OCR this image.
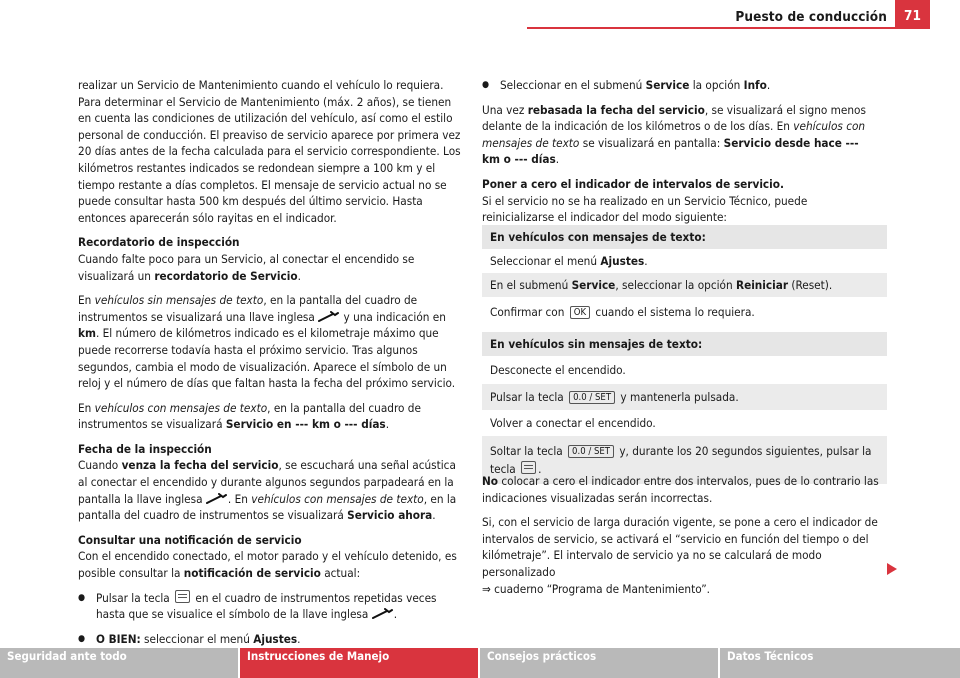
Puesto de conducción	71

realizar un Servicio de Mantenimiento cuando el vehículo lo requiera. Para determinar el Servicio de Mantenimiento (máx. 2 años), se tienen en cuenta las condiciones de utilización del vehículo, así como el estilo personal de conducción. El preaviso de servicio aparece por primera vez 20 días antes de la fecha calculada para el servicio correspondiente. Los kilómetros restantes indicados se redondean siempre a 100 km y el tiempo restante a días completos. El mensaje de servicio actual no se puede consultar hasta 500 km después del último servicio. Hasta entonces aparecerán sólo rayitas en el indicador.

Recordatorio de inspección

Cuando falte poco para un Servicio, al conectar el encendido se visualizará un recordatorio de Servicio.

En vehículos sin mensajes de texto, en la pantalla del cuadro de instrumentos se visualizará una llave inglesa  y una indicación en km. El número de kilómetros indicado es el kilometraje máximo que puede recorrerse todavía hasta el próximo servicio. Tras algunos segundos, cambia el modo de visualización. Aparece el símbolo de un reloj y el número de días que faltan hasta la fecha del próximo servicio.

En vehículos con mensajes de texto, en la pantalla del cuadro de instrumentos se visualizará Servicio en --- km o --- días.

Fecha de la inspección

Cuando venza la fecha del servicio, se escuchará una señal acústica al conectar el encendido y durante algunos segundos parpadeará en la pantalla la llave inglesa . En vehículos con mensajes de texto, en la pantalla del cuadro de instrumentos se visualizará Servicio ahora.

Consultar una notificación de servicio

Con el encendido conectado, el motor parado y el vehículo detenido, es posible consultar la notificación de servicio actual:

● Pulsar la tecla  en el cuadro de instrumentos repetidas veces hasta que se visualice el símbolo de la llave inglesa .

● O BIEN: seleccionar el menú Ajustes.

● Seleccionar en el submenú Service la opción Info.

Una vez rebasada la fecha del servicio, se visualizará el signo menos delante de la indicación de los kilómetros o de los días. En vehículos con mensajes de texto se visualizará en pantalla: Servicio desde hace --- km o --- días.

Poner a cero el indicador de intervalos de servicio.

Si el servicio no se ha realizado en un Servicio Técnico, puede reinicializarse el indicador del modo siguiente:

En vehículos con mensajes de texto:
Seleccionar el menú Ajustes.
En el submenú Service, seleccionar la opción Reiniciar (Reset).
Confirmar con OK cuando el sistema lo requiera.
En vehículos sin mensajes de texto:
Desconecte el encendido.
Pulsar la tecla 0.0 / SET y mantenerla pulsada.
Volver a conectar el encendido.
Soltar la tecla 0.0 / SET y, durante los 20 segundos siguientes, pulsar la tecla .

No colocar a cero el indicador entre dos intervalos, pues de lo contrario las indicaciones visualizadas serán incorrectas.

Si, con el servicio de larga duración vigente, se pone a cero el indicador de intervalos de servicio, se activará el “servicio en función del tiempo o del kilómetraje”. El intervalo de servicio ya no se calculará de modo personalizado
⇒ cuaderno “Programa de Mantenimiento”.

Seguridad ante todo	Instrucciones de Manejo	Consejos prácticos	Datos Técnicos
